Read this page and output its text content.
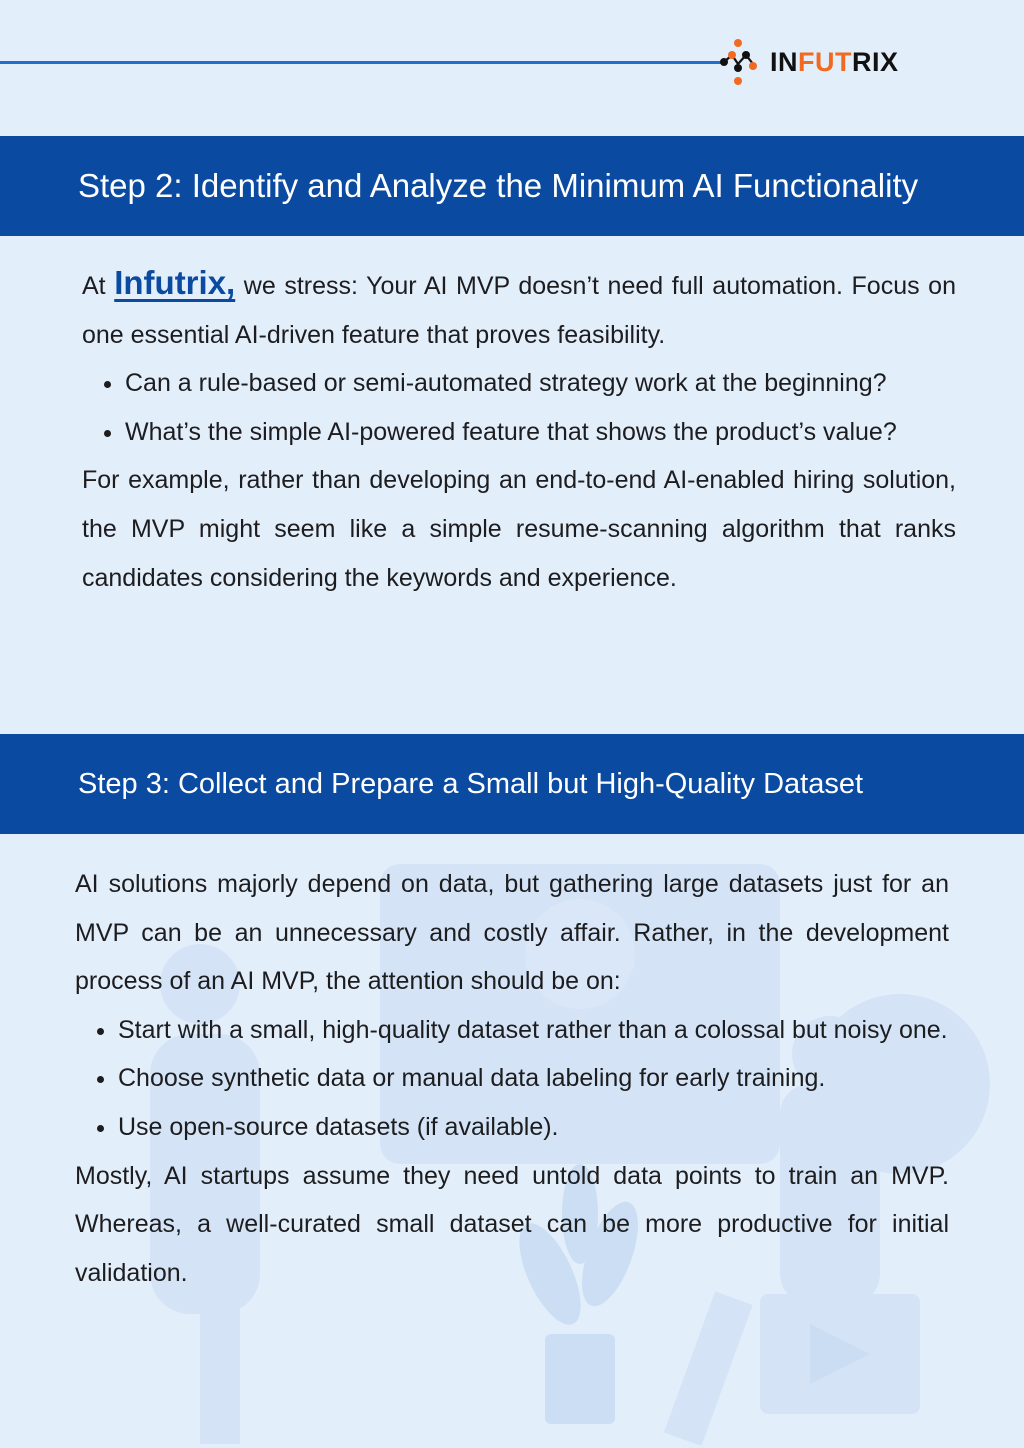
INFUTRIX
Step 2: Identify and Analyze the Minimum AI Functionality

At Infutrix, we stress: Your AI MVP doesn’t need full automation. Focus on one essential AI-driven feature that proves feasibility.

• Can a rule-based or semi-automated strategy work at the beginning?
• What’s the simple AI-powered feature that shows the product’s value?

For example, rather than developing an end-to-end AI-enabled hiring solution, the MVP might seem like a simple resume-scanning algorithm that ranks candidates considering the keywords and experience.

Step 3: Collect and Prepare a Small but High-Quality Dataset

AI solutions majorly depend on data, but gathering large datasets just for an MVP can be an unnecessary and costly affair. Rather, in the development process of an AI MVP, the attention should be on:

• Start with a small, high-quality dataset rather than a colossal but noisy one.
• Choose synthetic data or manual data labeling for early training.
• Use open-source datasets (if available).

Mostly, AI startups assume they need untold data points to train an MVP. Whereas, a well-curated small dataset can be more productive for initial validation.
